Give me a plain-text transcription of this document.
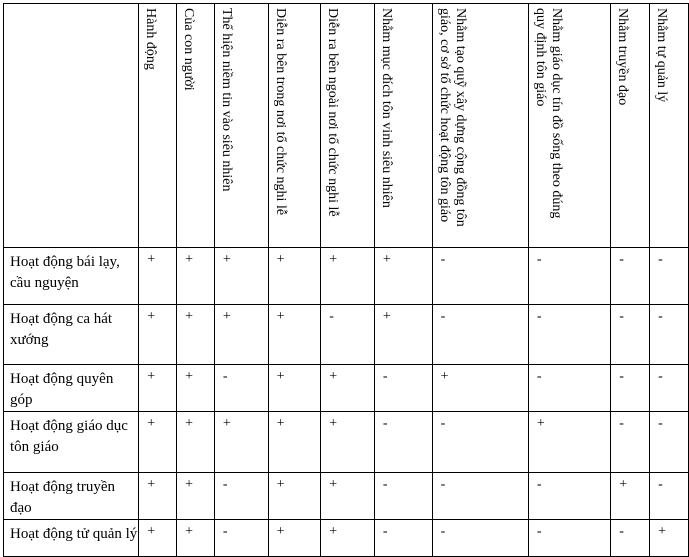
	Hành động	Của con người	Thể hiện niềm tin vào siêu nhiên	Diễn ra bên trong nơi tổ chức nghi lễ	Diễn ra bên ngoài nơi tổ chức nghi lễ	Nhằm mục đích tôn vinh siêu nhiên	Nhằm tạo quỹ xây dựng cộng đồng tôn giáo, cơ sở tổ chức hoạt động tôn giáo	Nhằm giáo dục tín đồ sống theo đúng quy định tôn giáo	Nhằm truyền đạo	Nhằm tự quản lý

Hoạt động bái lạy, cầu nguyện	+	+	+	+	+	+	-	-	-	-
Hoạt động ca hát xướng	+	+	+	+	-	+	-	-	-	-
Hoạt động quyên góp	+	+	-	+	+	-	+	-	-	-
Hoạt động giáo dục tôn giáo	+	+	+	+	+	-	-	+	-	-
Hoạt động truyền đạo	+	+	-	+	+	-	-	-	+	-
Hoạt động tử quản lý	+	+	-	+	+	-	-	-	-	+
